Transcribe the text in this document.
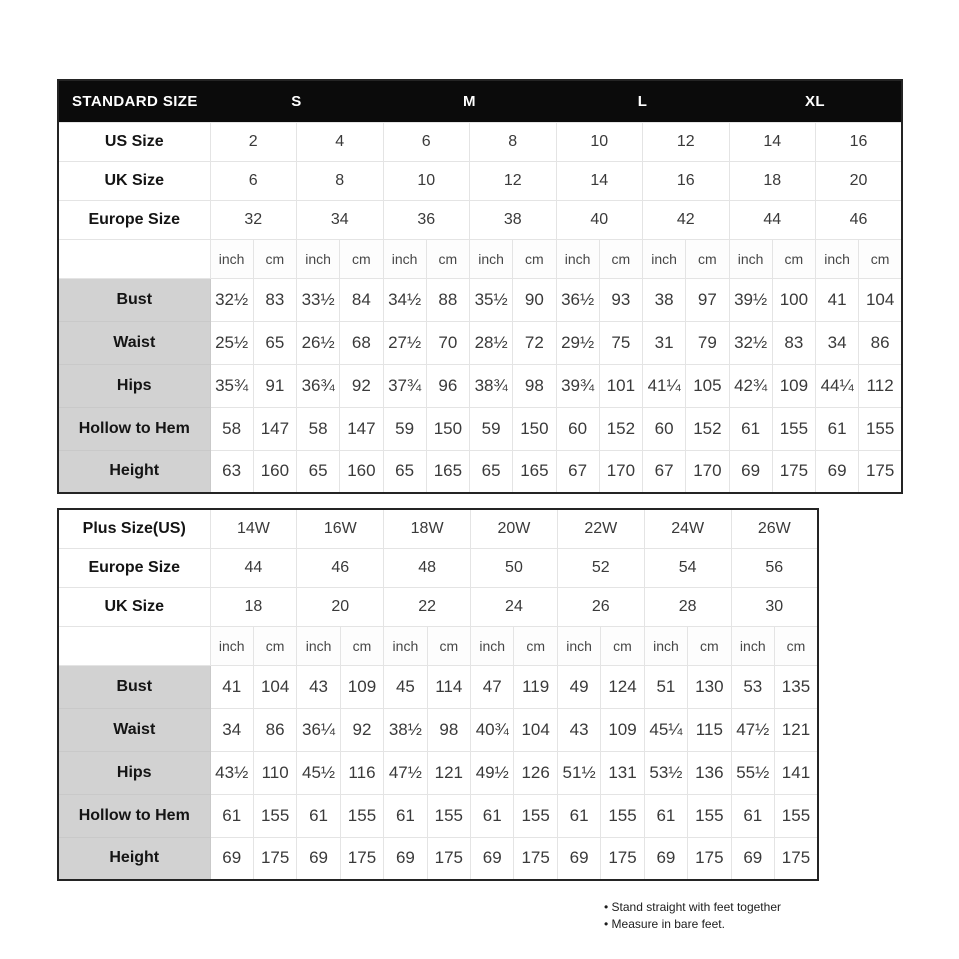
STANDARD SIZE	S				M				L				XL			
US Size	2		4		6		8		10		12		14		16	
UK Size	6		8		10		12		14		16		18		20	
Europe Size	32		34		36		38		40		42		44		46	
	inch	cm	inch	cm	inch	cm	inch	cm	inch	cm	inch	cm	inch	cm	inch	cm
Bust	32½	83	33½	84	34½	88	35½	90	36½	93	38	97	39½	100	41	104
Waist	25½	65	26½	68	27½	70	28½	72	29½	75	31	79	32½	83	34	86
Hips	35¾	91	36¾	92	37¾	96	38¾	98	39¾	101	41¼	105	42¾	109	44¼	112
Hollow to Hem	58	147	58	147	59	150	59	150	60	152	60	152	61	155	61	155
Height	63	160	65	160	65	165	65	165	67	170	67	170	69	175	69	175
Plus Size(US)	14W		16W		18W		20W		22W		24W		26W	
Europe Size	44		46		48		50		52		54		56	
UK Size	18		20		22		24		26		28		30	
	inch	cm	inch	cm	inch	cm	inch	cm	inch	cm	inch	cm	inch	cm
Bust	41	104	43	109	45	114	47	119	49	124	51	130	53	135
Waist	34	86	36¼	92	38½	98	40¾	104	43	109	45¼	115	47½	121
Hips	43½	110	45½	116	47½	121	49½	126	51½	131	53½	136	55½	141
Hollow to Hem	61	155	61	155	61	155	61	155	61	155	61	155	61	155
Height	69	175	69	175	69	175	69	175	69	175	69	175	69	175
• Stand straight with feet together
• Measure in bare feet.
